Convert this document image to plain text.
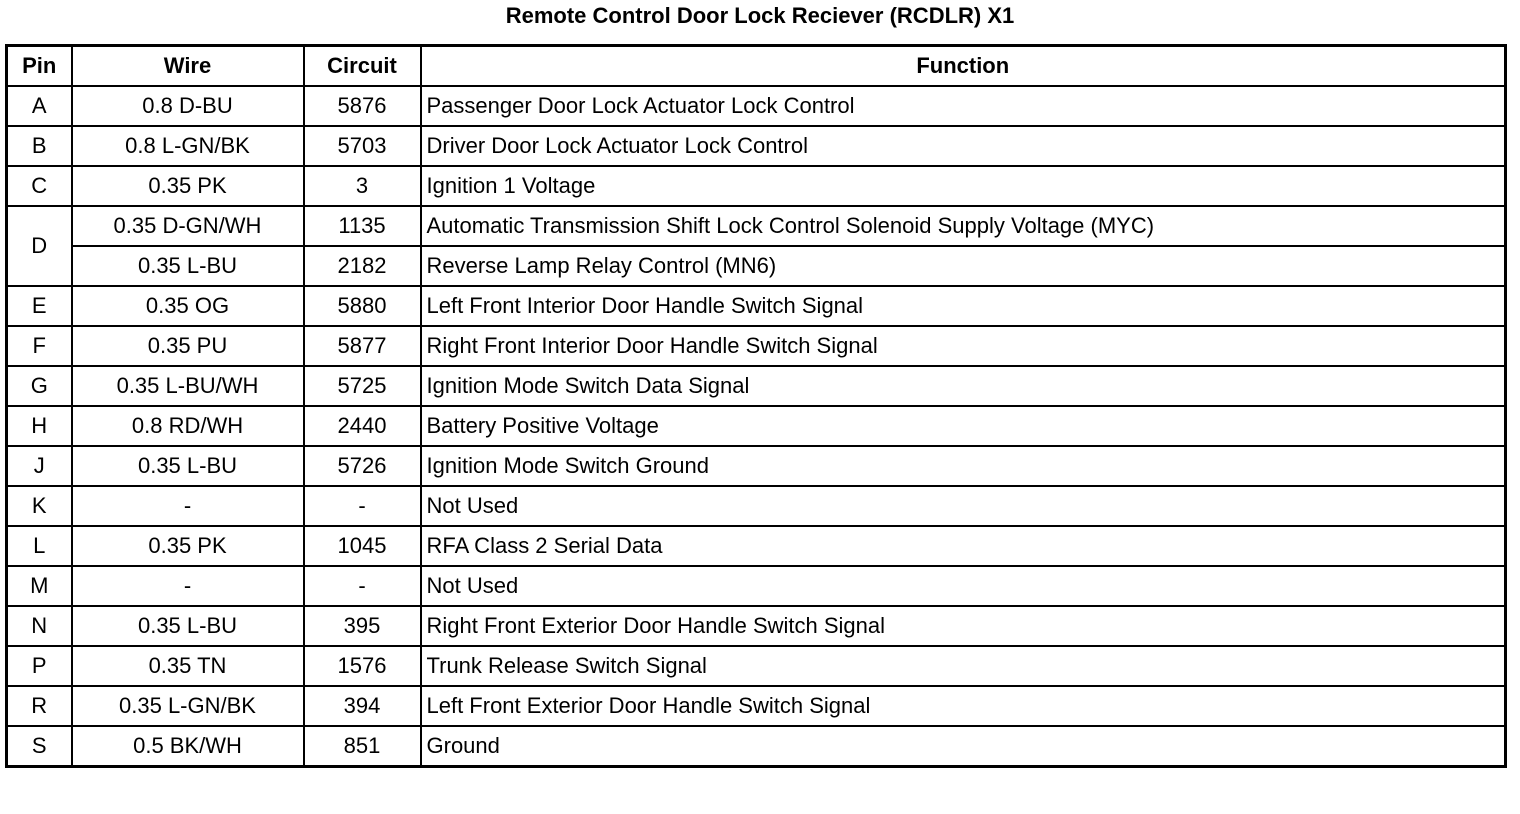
Remote Control Door Lock Reciever (RCDLR) X1
Pin	Wire	Circuit	Function
A	0.8 D-BU	5876	Passenger Door Lock Actuator Lock Control
B	0.8 L-GN/BK	5703	Driver Door Lock Actuator Lock Control
C	0.35 PK	3	Ignition 1 Voltage
D	0.35 D-GN/WH	1135	Automatic Transmission Shift Lock Control Solenoid Supply Voltage (MYC)
	0.35 L-BU	2182	Reverse Lamp Relay Control (MN6)
E	0.35 OG	5880	Left Front Interior Door Handle Switch Signal
F	0.35 PU	5877	Right Front Interior Door Handle Switch Signal
G	0.35 L-BU/WH	5725	Ignition Mode Switch Data Signal
H	0.8 RD/WH	2440	Battery Positive Voltage
J	0.35 L-BU	5726	Ignition Mode Switch Ground
K	-	-	Not Used
L	0.35 PK	1045	RFA Class 2 Serial Data
M	-	-	Not Used
N	0.35 L-BU	395	Right Front Exterior Door Handle Switch Signal
P	0.35 TN	1576	Trunk Release Switch Signal
R	0.35 L-GN/BK	394	Left Front Exterior Door Handle Switch Signal
S	0.5 BK/WH	851	Ground
